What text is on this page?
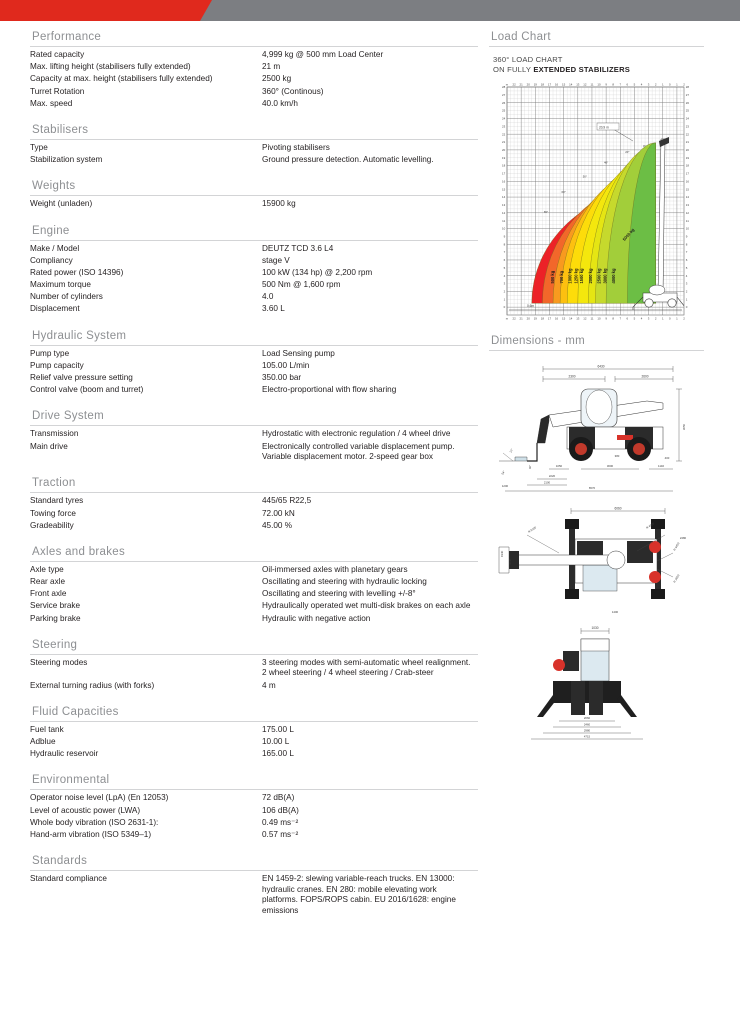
Performance
Rated capacity	4,999 kg @ 500 mm Load Center

Max. lifting height (stabilisers fully extended)	21 m

Capacity at max. height (stabilisers fully extended)	2500 kg

Turret Rotation	360° (Continous)

Max. speed	40.0 km/h
Stabilisers
Type	Pivoting stabilisers

Stabilization system	Ground pressure detection. Automatic levelling.
Weights
Weight (unladen)	15900 kg
Engine
Make / Model	DEUTZ TCD 3.6 L4

Compliancy	stage V

Rated power (ISO 14396)	100 kW (134 hp) @ 2,200 rpm

Maximum torque	500 Nm @ 1,600 rpm

Number of cylinders	4.0

Displacement	3.60 L
Hydraulic System
Pump type	Load Sensing pump

Pump capacity	105.00 L/min

Relief valve pressure setting	350.00 bar

Control valve (boom and turret)	Electro-proportional with flow sharing
Drive System
Transmission	Hydrostatic with electronic regulation / 4 wheel drive

Main drive	Electronically controlled variable displacement pump.
Variable displacement motor. 2-speed gear box
Traction
Standard tyres	445/65 R22,5

Towing force	72.00 kN

Gradeability	45.00 %
Axles and brakes
Axle type	Oil-immersed axles with planetary gears

Rear axle	Oscillating and steering with hydraulic locking

Front axle	Oscillating and steering with levelling +/-8°

Service brake	Hydraulically operated wet multi-disk brakes on each axle

Parking brake	Hydraulic with negative action
Steering
Steering modes	3 steering modes with semi-automatic wheel realignment.
2 wheel steering / 4 wheel steering / Crab-steer

External turning radius (with forks)	4 m
Fluid Capacities
Fuel tank	175.00 L

Adblue	10.00 L

Hydraulic reservoir	165.00 L
Environmental
Operator noise level (LpA) (En 12053)	72 dB(A)

Level of acoustic power (LWA)	106 dB(A)

Whole body vibration (ISO 2631-1):	0.49 ms⁻²

Hand-arm vibration (ISO 5349–1)	0.57 ms⁻²
Standards
Standard compliance	EN 1459-2: slewing variable-reach trucks. EN 13000:
hydraulic cranes. EN 280: mobile elevating work
platforms. FOPS/ROPS cabin. EU 2016/1628: engine
emissions
Load Chart
360° LOAD CHART
ON FULLY EXTENDED STABILIZERS
20,9 m
0,6m
m 22 21 20 19 18 17 16 15 14 13 12 11 10 9 8 7 6 5 4 3 2 1 0 1 2
m 22 21 20 19 18 17 16 15 14 13 12 11 10 9 8 7 6 5 4 3 2 1 0 1 2
28
27
26
25
24
23
22
21
20
19
18
17
16
15
14
13
12
11
10
9
8
7
6
5
4
3
2
1
0
28
27
26
25
24
23
22
21
20
19
18
17
16
15
14
13
12
11
10
9
8
7
6
5
4
3
2
1
0
500 kg 700 kg 1000 kg 1250 kg 1500 kg 2000 kg 2500 kg 3000 kg 4000 kg
5000 kg
65°
60°
50°
40°
20°
0°
Dimensions - mm
6430
2300	2600
3050
1050	3000	1140
2220
2100
1200	6570
380	400
54°
12°
60°
6060
R 5100	R 4000
R 4450
R 2850
1940
4640
1400
2480
1030
2060
2460
2980
4715
